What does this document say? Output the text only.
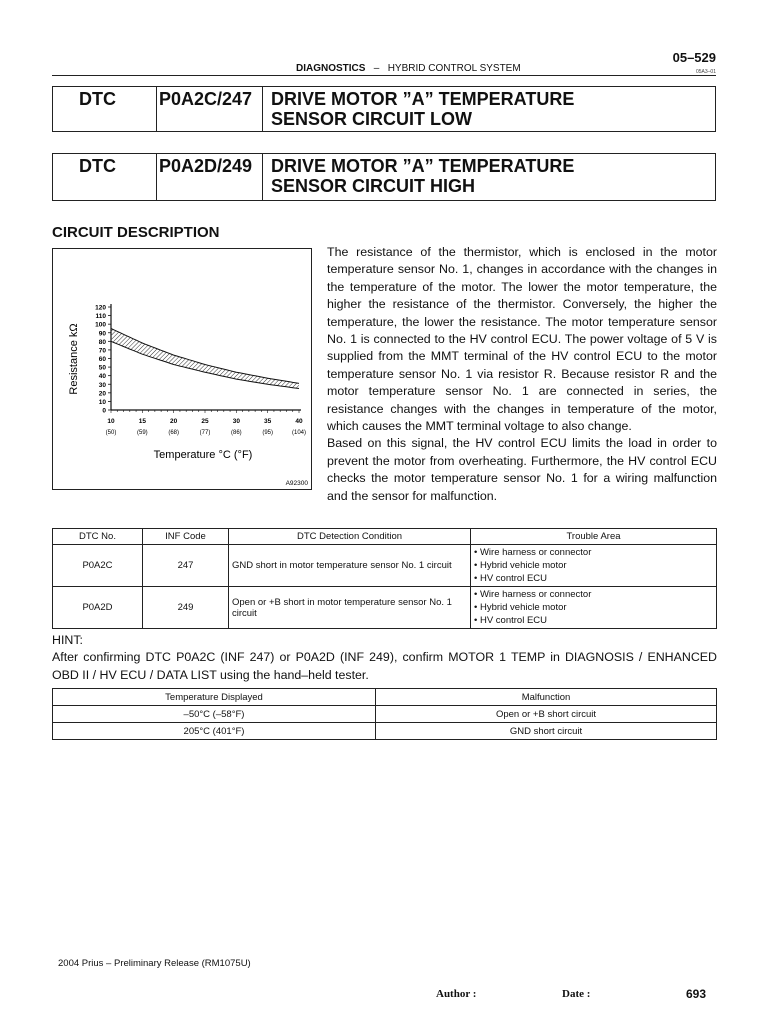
05–529
DIAGNOSTICS – HYBRID CONTROL SYSTEM	05A3–01
DTC	P0A2C/247	DRIVE MOTOR ”A” TEMPERATURE
SENSOR CIRCUIT LOW
DTC	P0A2D/249	DRIVE MOTOR ”A” TEMPERATURE
SENSOR CIRCUIT HIGH
CIRCUIT DESCRIPTION
0
10
20
30
40
50
60
70
80
90
100
110
120
10
(50)
15
(59)
20
(68)
25
(77)
30
(86)
35
(95)
40
(104)
Resistance kΩ
Temperature °C (°F)
A92300

The resistance of the thermistor, which is enclosed in the motor temperature sensor No. 1, changes in accordance with the changes in the temperature of the motor. The lower the motor temperature, the higher the resistance of the thermistor. Conversely, the higher the temperature, the lower the resistance. The motor temperature sensor No. 1 is connected to the HV control ECU. The power voltage of 5 V is supplied from the MMT terminal of the HV control ECU to the motor temperature sensor No. 1 via resistor R. Because resistor R and the motor temperature sensor No. 1 are connected in series, the resistance changes with the changes in temperature of the motor, which causes the MMT terminal voltage to also change.

Based on this signal, the HV control ECU limits the load in order to prevent the motor from overheating. Furthermore, the HV control ECU checks the motor temperature sensor No. 1 for a wiring malfunction and the sensor for malfunction.

DTC No.	INF Code	DTC Detection Condition	Trouble Area
P0A2C	247	GND short in motor temperature sensor No. 1 circuit	• Wire harness or connector
• Hybrid vehicle motor
• HV control ECU

P0A2D	249	Open or +B short in motor temperature sensor No. 1 circuit	• Wire harness or connector
• Hybrid vehicle motor
• HV control ECU
HINT:
After confirming DTC P0A2C (INF 247) or P0A2D (INF 249), confirm MOTOR 1 TEMP in DIAGNOSIS / ENHANCED OBD II / HV ECU / DATA LIST using the hand–held tester.
Temperature Displayed	Malfunction
–50°C (–58°F)	Open or +B short circuit
205°C (401°F)	GND short circuit
2004 Prius – Preliminary Release (RM1075U)
Author :	Date :	693
